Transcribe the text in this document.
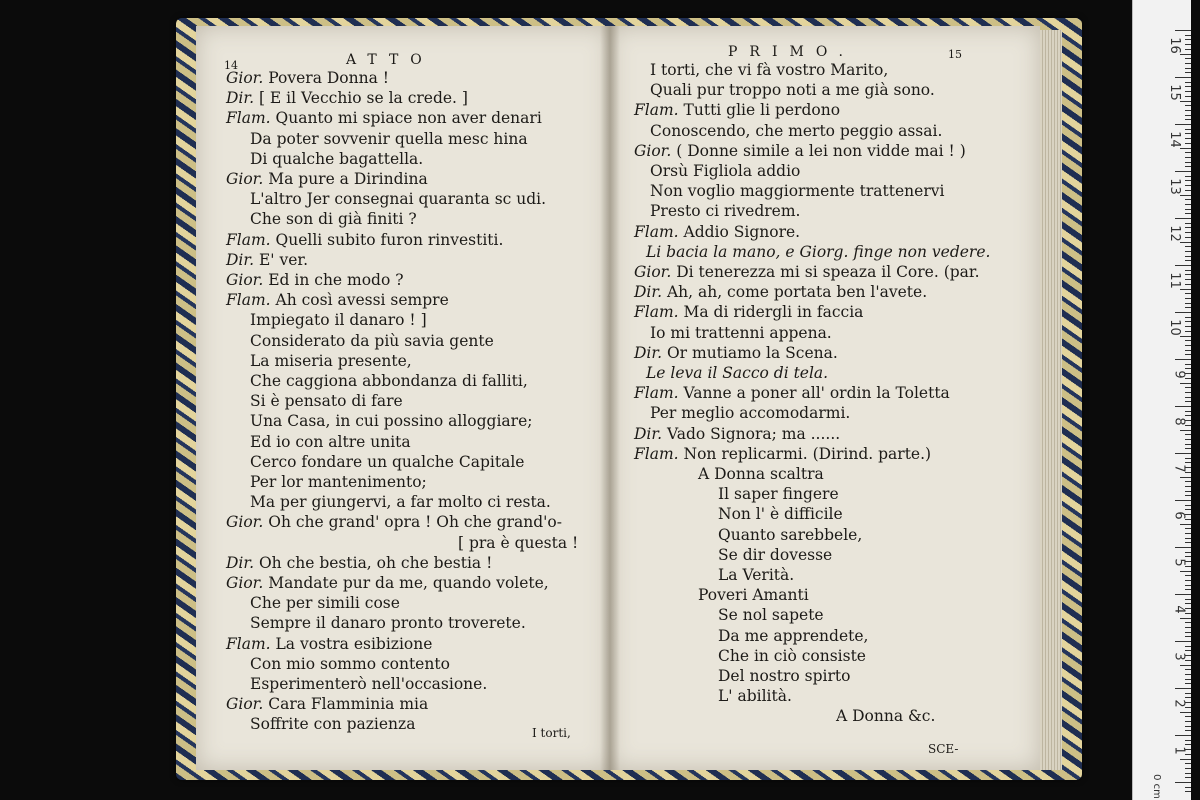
14	ATTO
Gior. Povera Donna !
Dir. [ E il Vecchio se la crede. ]
Flam. Quanto mi spiace non aver denari
Da poter sovvenir quella mesc hina
Di qualche bagattella.
Gior. Ma pure a Dirindina
L'altro Jer consegnai quaranta sc udi.
Che son di già finiti ?
Flam. Quelli subito furon rinvestiti.
Dir. E' ver.
Gior. Ed in che modo ?
Flam. Ah così avessi sempre
Impiegato il danaro ! ]
Considerato da più savia gente
La miseria presente,
Che caggiona abbondanza di falliti,
Si è pensato di fare
Una Casa, in cui possino alloggiare;
Ed io con altre unita
Cerco fondare un qualche Capitale
Per lor mantenimento;
Ma per giungervi, a far molto ci resta.
Gior. Oh che grand' opra ! Oh che grand'o-
[ pra è questa !
Dir. Oh che bestia, oh che bestia !
Gior. Mandate pur da me, quando volete,
Che per simili cose
Sempre il danaro pronto troverete.
Flam. La vostra esibizione
Con mio sommo contento
Esperimenterò nell'occasione.
Gior. Cara Flamminia mia
Soffrite con pazienza	I torti,
PRIMO.	15
I torti, che vi fà vostro Marito,
Quali pur troppo noti a me già sono.
Flam. Tutti glie li perdono
Conoscendo, che merto peggio assai.
Gior. ( Donne simile a lei non vidde mai ! )
Orsù Figliola addio
Non voglio maggiormente trattenervi
Presto ci rivedrem.
Flam. Addio Signore.
Li bacia la mano, e Giorg. finge non vedere.
Gior. Di tenerezza mi si speaza il Core. (par.
Dir. Ah, ah, come portata ben l'avete.
Flam. Ma di ridergli in faccia
Io mi trattenni appena.
Dir. Or mutiamo la Scena.
Le leva il Sacco di tela.
Flam. Vanne a poner all' ordin la Toletta
Per meglio accomodarmi.
Dir. Vado Signora; ma ......
Flam. Non replicarmi. (Dirind. parte.)
A Donna scaltra
Il saper fingere
Non l' è difficile
Quanto sarebbele,
Se dir dovesse
La Verità.
Poveri Amanti
Se nol sapete
Da me apprendete,
Che in ciò consiste
Del nostro spirto
L' abilità.
A Donna &c.
SCE-
0 cm
16
15
14
13
12
11
10
9
8
7
6
5
4
3
2
1
